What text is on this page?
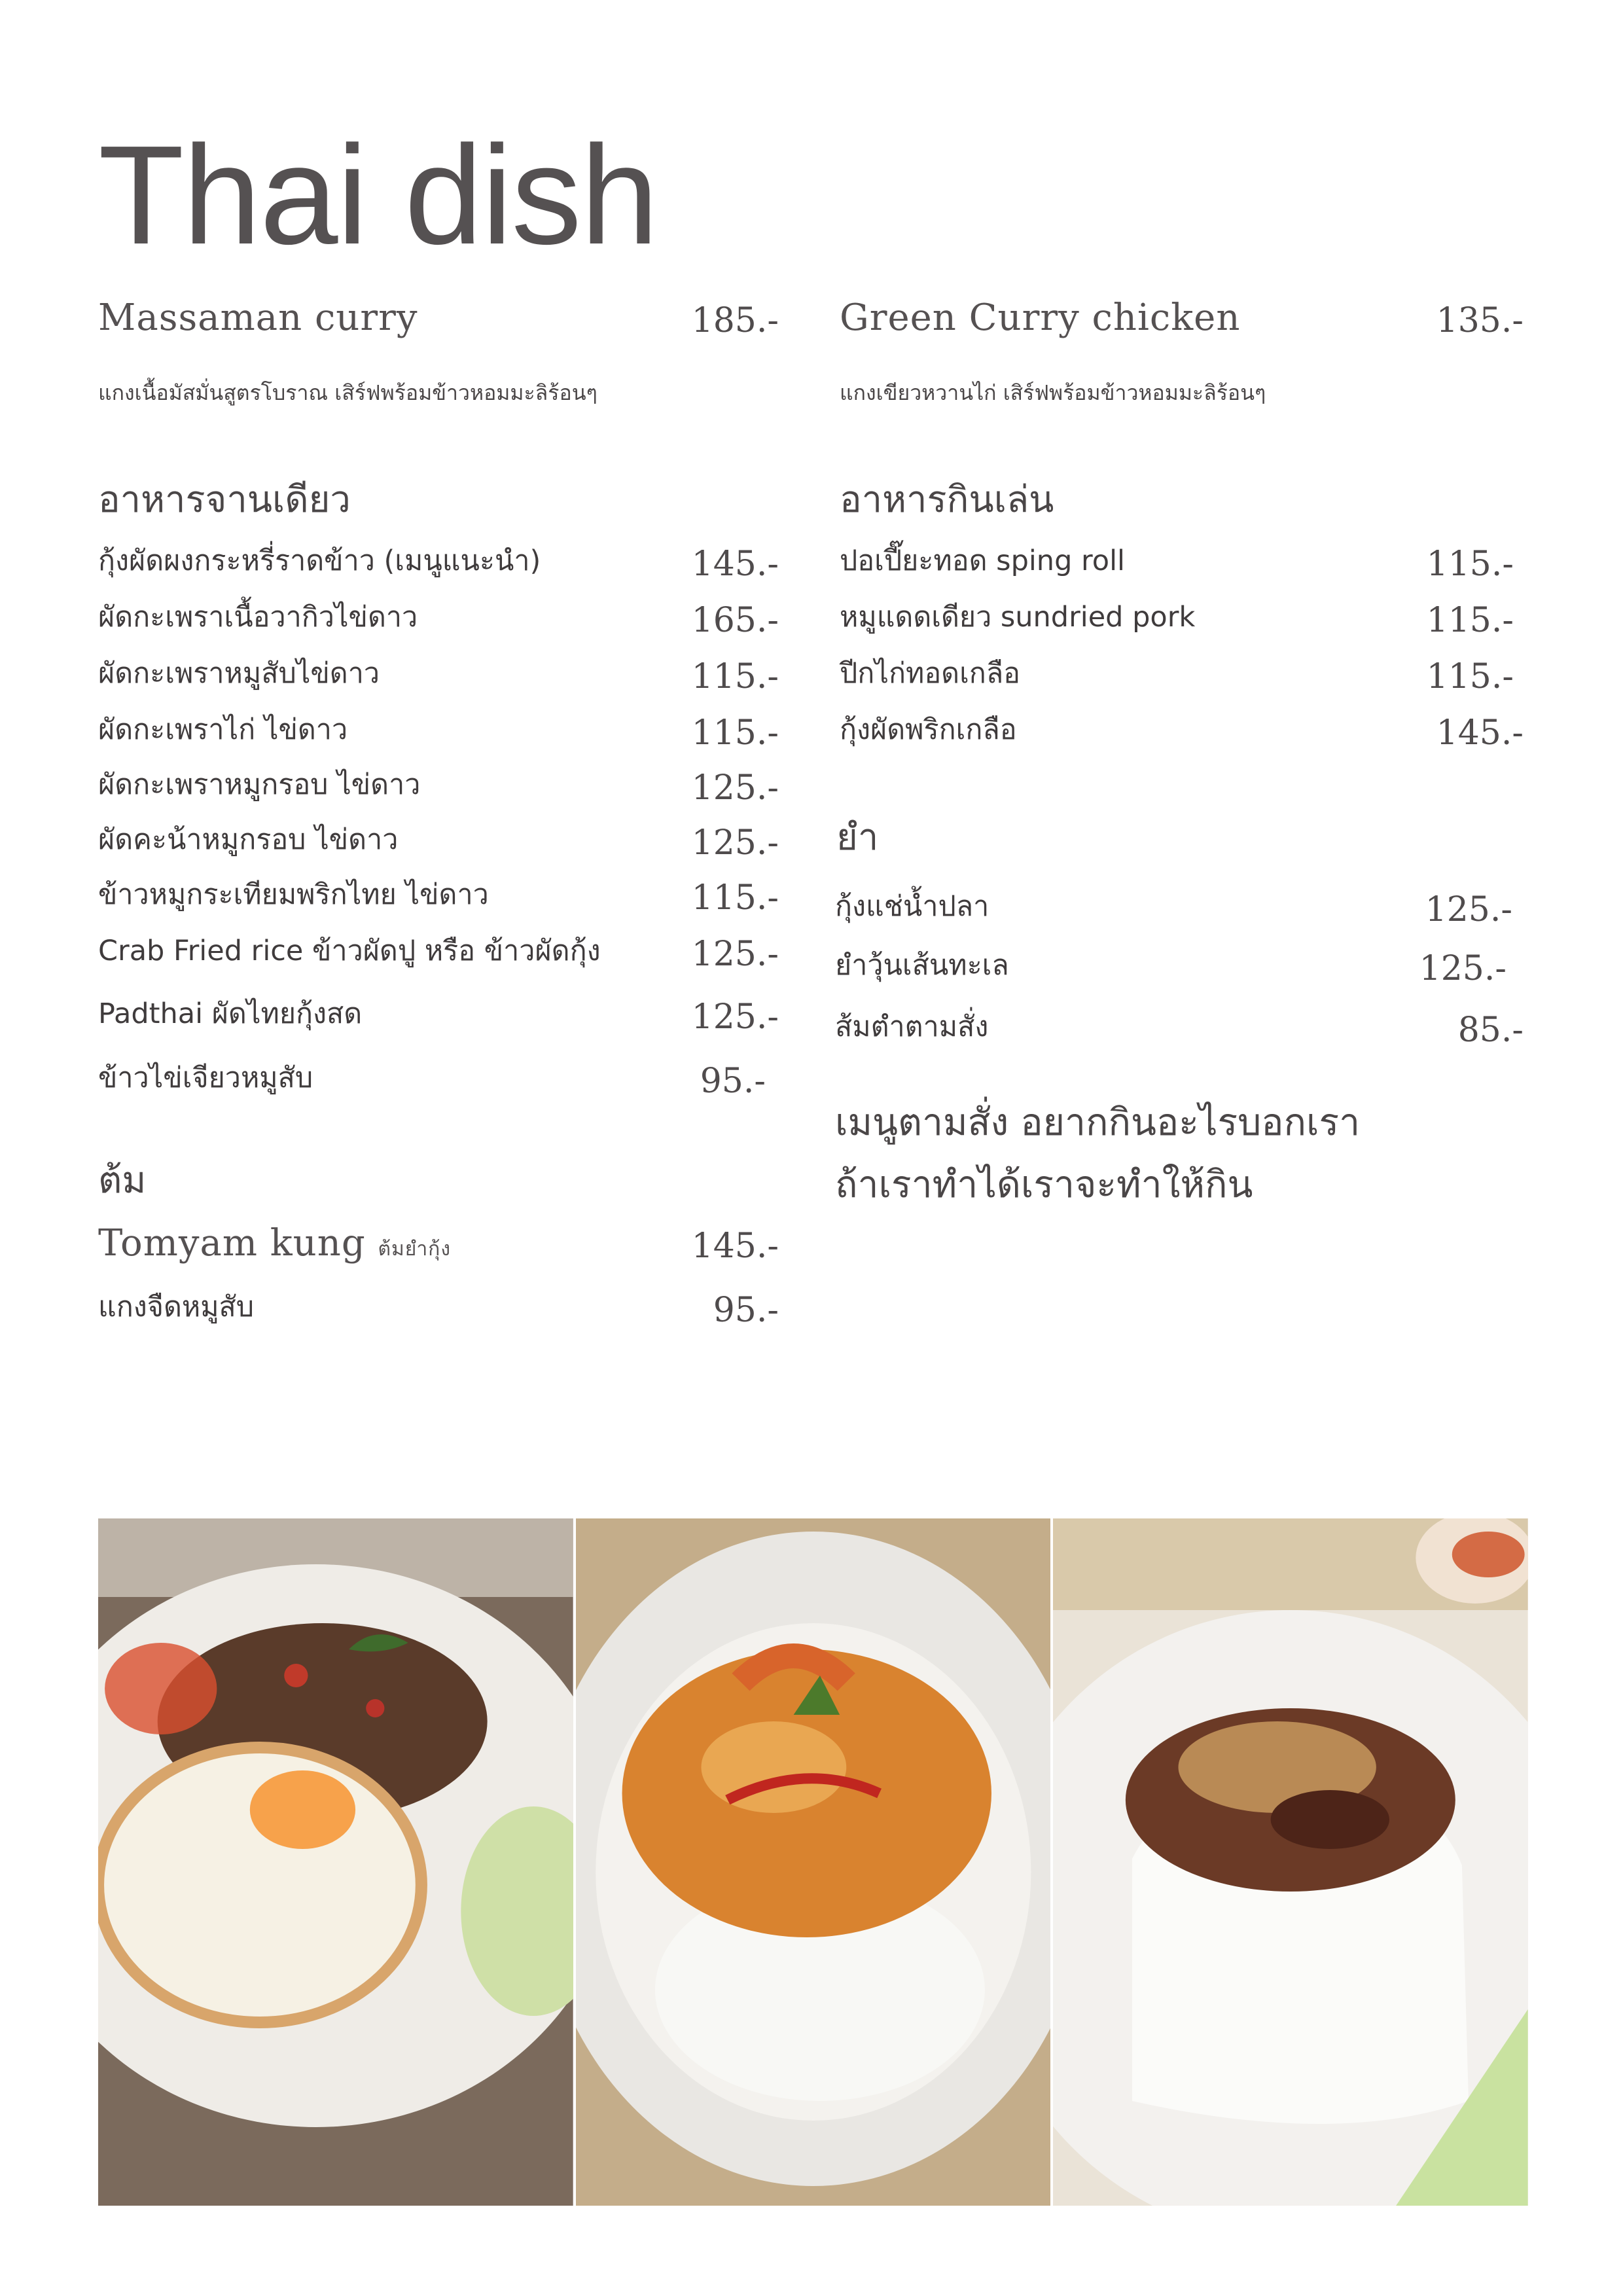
Thai dish
Massaman curry	185.-
แกงเนื้อมัสมั่นสูตรโบราณ เสิร์ฟพร้อมข้าวหอมมะลิร้อนๆ
อาหารจานเดียว
กุ้งผัดผงกระหรี่ราดข้าว (เมนูแนะนำ)	145.-
ผัดกะเพราเนื้อวากิวไข่ดาว	165.-
ผัดกะเพราหมูสับไข่ดาว	115.-
ผัดกะเพราไก่ ไข่ดาว	115.-
ผัดกะเพราหมูกรอบ ไข่ดาว	125.-
ผัดคะน้าหมูกรอบ ไข่ดาว	125.-
ข้าวหมูกระเทียมพริกไทย ไข่ดาว	115.-
Crab Fried rice ข้าวผัดปู หรือ ข้าวผัดกุ้ง	125.-
Padthai ผัดไทยกุ้งสด	125.-
ข้าวไข่เจียวหมูสับ	95.-
ต้ม
Tomyam kung ต้มยำกุ้ง	145.-
แกงจืดหมูสับ	95.-
Green Curry chicken	135.-
แกงเขียวหวานไก่ เสิร์ฟพร้อมข้าวหอมมะลิร้อนๆ
อาหารกินเล่น
ปอเปี๊ยะทอด sping roll	115.-
หมูแดดเดียว sundried pork	115.-
ปีกไก่ทอดเกลือ	115.-
กุ้งผัดพริกเกลือ	145.-
ยำ
กุ้งแช่น้ำปลา	125.-
ยำวุ้นเส้นทะเล	125.-
ส้มตำตามสั่ง	85.-
เมนูตามสั่ง อยากกินอะไรบอกเรา
ถ้าเราทำได้เราจะทำให้กิน
